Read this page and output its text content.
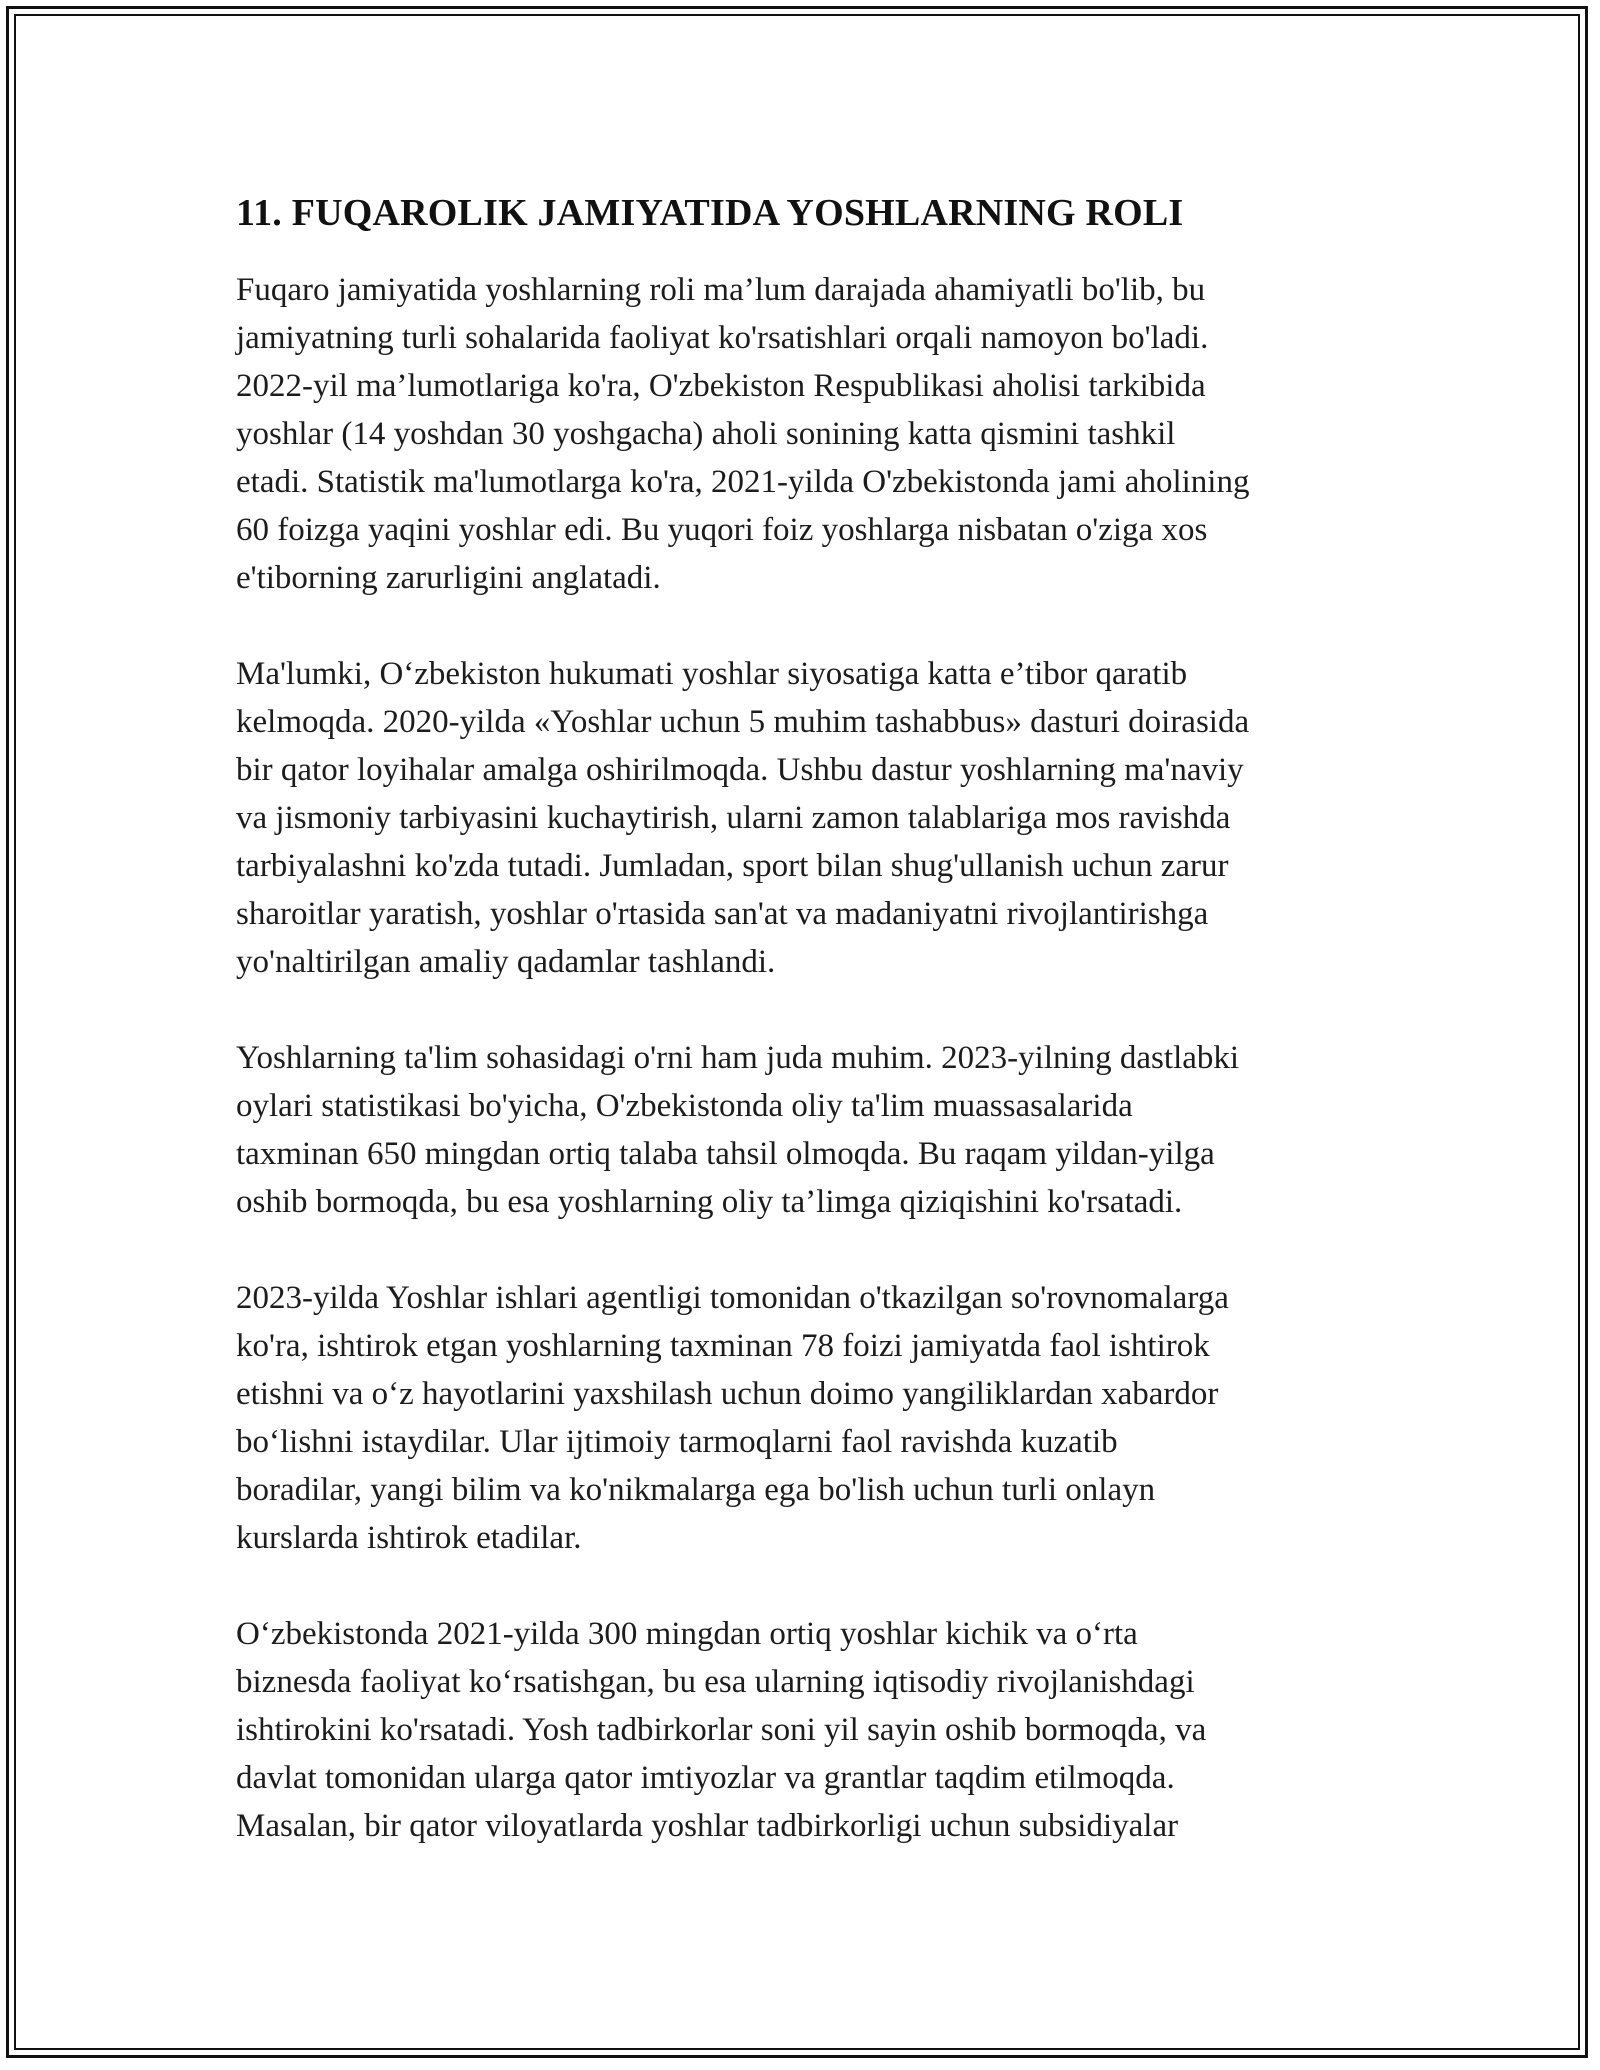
11. FUQAROLIK JAMIYATIDA YOSHLARNING ROLI

Fuqaro jamiyatida yoshlarning roli ma’lum darajada ahamiyatli bo'lib, bu
jamiyatning turli sohalarida faoliyat ko'rsatishlari orqali namoyon bo'ladi.
2022-yil ma’lumotlariga ko'ra, O'zbekiston Respublikasi aholisi tarkibida
yoshlar (14 yoshdan 30 yoshgacha) aholi sonining katta qismini tashkil
etadi. Statistik ma'lumotlarga ko'ra, 2021-yilda O'zbekistonda jami aholining
60 foizga yaqini yoshlar edi. Bu yuqori foiz yoshlarga nisbatan o'ziga xos
e'tiborning zarurligini anglatadi.

Ma'lumki, O‘zbekiston hukumati yoshlar siyosatiga katta e’tibor qaratib
kelmoqda. 2020-yilda «Yoshlar uchun 5 muhim tashabbus» dasturi doirasida
bir qator loyihalar amalga oshirilmoqda. Ushbu dastur yoshlarning ma'naviy
va jismoniy tarbiyasini kuchaytirish, ularni zamon talablariga mos ravishda
tarbiyalashni ko'zda tutadi. Jumladan, sport bilan shug'ullanish uchun zarur
sharoitlar yaratish, yoshlar o'rtasida san'at va madaniyatni rivojlantirishga
yo'naltirilgan amaliy qadamlar tashlandi.

Yoshlarning ta'lim sohasidagi o'rni ham juda muhim. 2023-yilning dastlabki
oylari statistikasi bo'yicha, O'zbekistonda oliy ta'lim muassasalarida
taxminan 650 mingdan ortiq talaba tahsil olmoqda. Bu raqam yildan-yilga
oshib bormoqda, bu esa yoshlarning oliy ta’limga qiziqishini ko'rsatadi.

2023-yilda Yoshlar ishlari agentligi tomonidan o'tkazilgan so'rovnomalarga
ko'ra, ishtirok etgan yoshlarning taxminan 78 foizi jamiyatda faol ishtirok
etishni va o‘z hayotlarini yaxshilash uchun doimo yangiliklardan xabardor
bo‘lishni istaydilar. Ular ijtimoiy tarmoqlarni faol ravishda kuzatib
boradilar, yangi bilim va ko'nikmalarga ega bo'lish uchun turli onlayn
kurslarda ishtirok etadilar.

O‘zbekistonda 2021-yilda 300 mingdan ortiq yoshlar kichik va o‘rta
biznesda faoliyat ko‘rsatishgan, bu esa ularning iqtisodiy rivojlanishdagi
ishtirokini ko'rsatadi. Yosh tadbirkorlar soni yil sayin oshib bormoqda, va
davlat tomonidan ularga qator imtiyozlar va grantlar taqdim etilmoqda.
Masalan, bir qator viloyatlarda yoshlar tadbirkorligi uchun subsidiyalar
